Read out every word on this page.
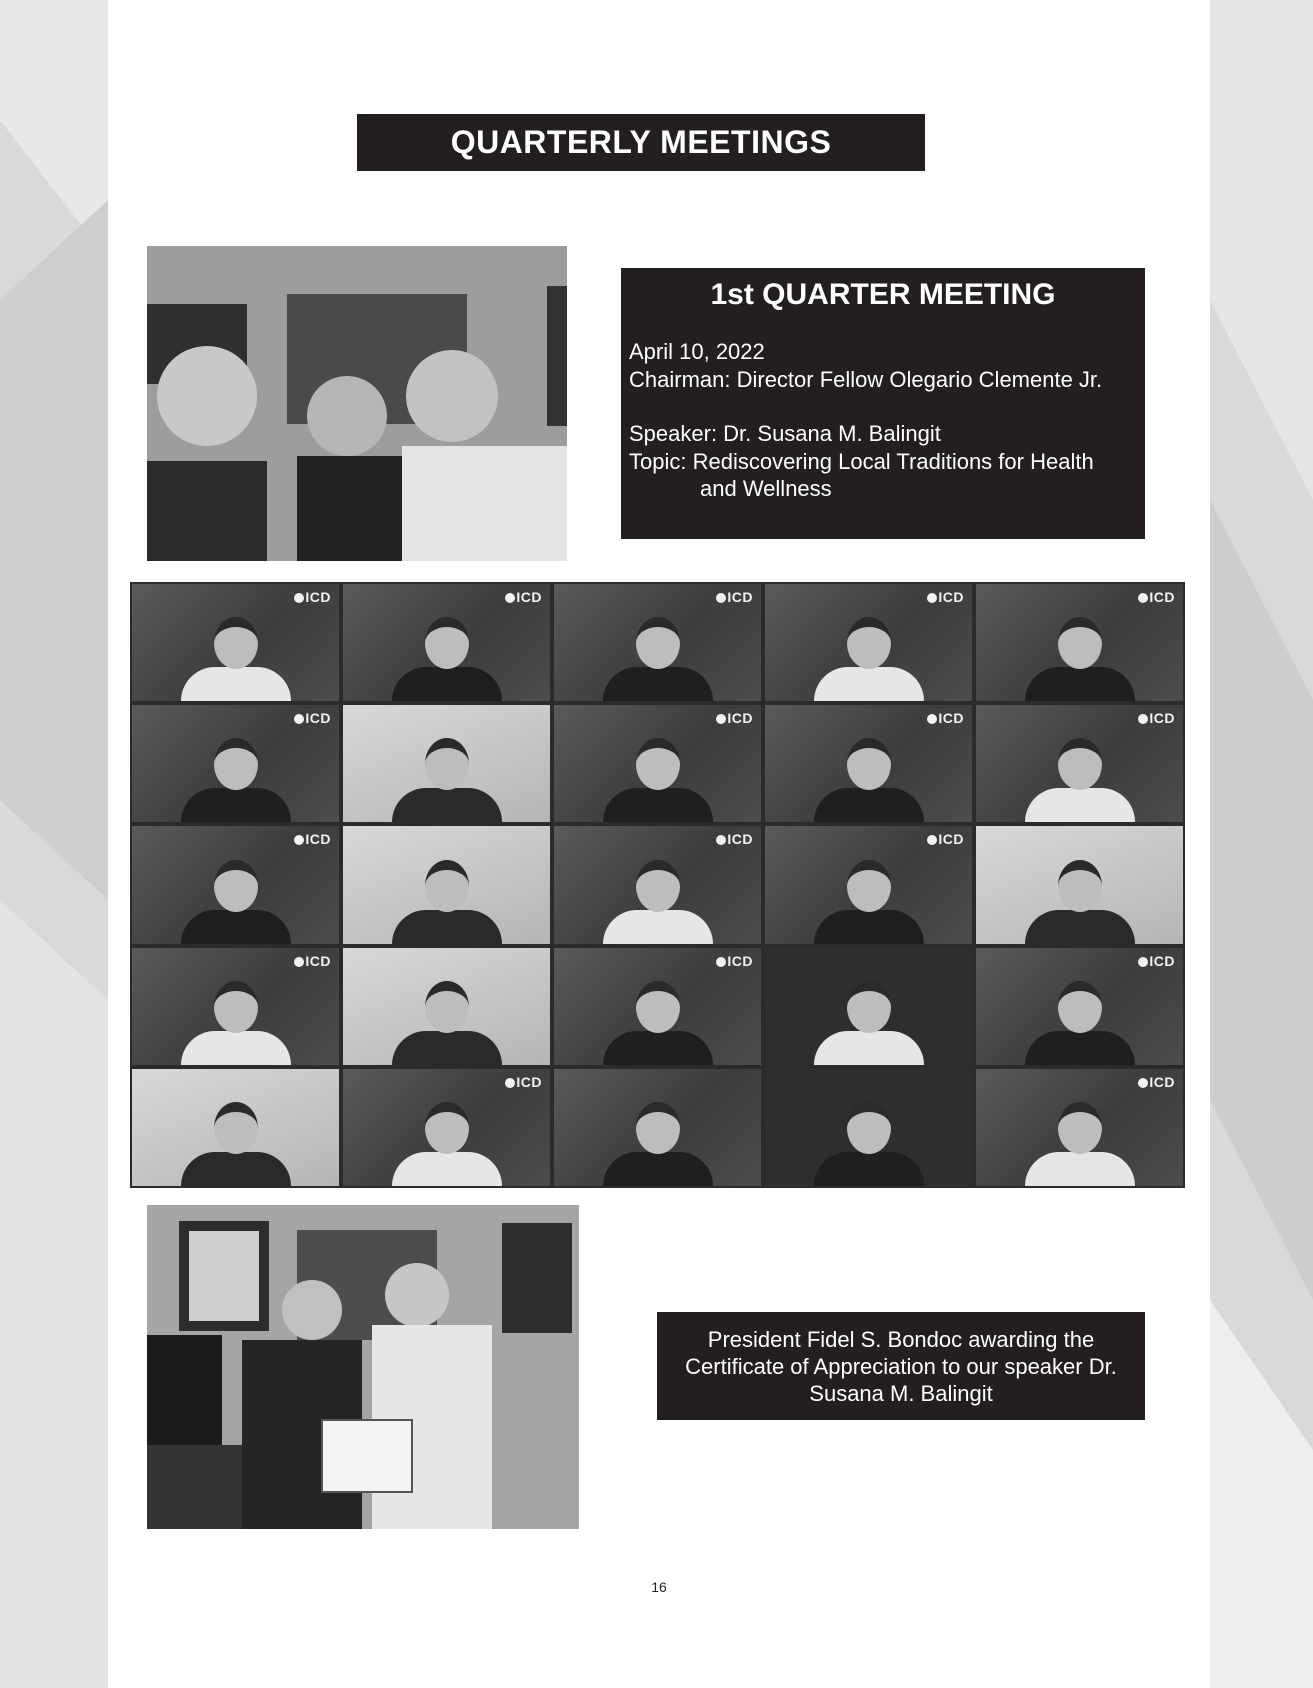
QUARTERLY MEETINGS
1st QUARTER MEETING
April 10, 2022
Chairman: Director Fellow Olegario Clemente Jr.
Speaker: Dr. Susana M. Balingit
Topic: Rediscovering Local Traditions for Health
and Wellness
ICD	ICD	ICD	ICD	ICD
ICD	ICD	ICD	ICD
ICD	ICD	ICD
ICD	ICD	ICD
ICD	ICD
President Fidel S. Bondoc awarding the Certificate of Appreciation to our speaker Dr. Susana M. Balingit
16
